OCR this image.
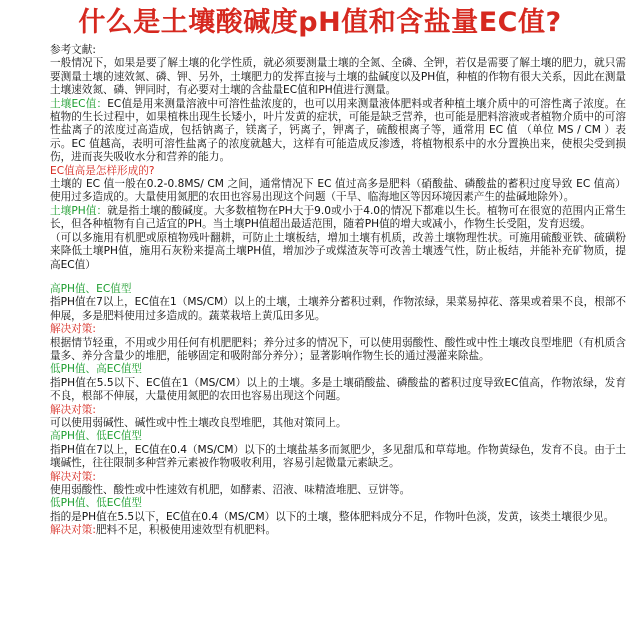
什么是土壤酸碱度pH值和含盐量EC值?

参考文献:

一般情况下，如果是要了解土壤的化学性质，就必须要测量土壤的全氮、全磷、全钾，若仅是需要了解土壤的肥力，就只需要测量土壤的速效氮、磷、钾、另外，土壤肥力的发挥直接与土壤的盐碱度以及PH值，种植的作物有很大关系，因此在测量土壤速效氮、磷、钾同时，有必要对土壤的含盐量EC值和PH值进行测量。

土壤EC值：EC值是用来测量溶液中可溶性盐浓度的，也可以用来测量液体肥料或者种植土壤介质中的可溶性离子浓度。在植物的生长过程中，如果植株出现生长矮小，叶片发黄的症状，可能是缺乏营养，也可能是肥料溶液或者植物介质中的可溶性盐离子的浓度过高造成，包括钠离子，镁离子，钙离子，钾离子，硫酸根离子等，通常用 EC 值 （单位 MS / CM ）表示。EC 值越高，表明可溶性盐离子的浓度就越大，这样有可能造成反渗透，将植物根系中的水分置换出来，使根尖受到损伤，进而丧失吸收水分和营养的能力。

EC值高是怎样形成的?

土壤的 EC 值一般在0.2-0.8MS/ CM 之间，通常情况下 EC 值过高多是肥料（硝酸盐、磷酸盐的蓄积过度导致 EC 值高）使用过多造成的。大量使用氮肥的农田也容易出现这个问题（干旱、临海地区等因环境因素产生的盐碱地除外）。

土壤PH值：就是指土壤的酸碱度。大多数植物在PH大于9.0或小于4.0的情况下都难以生长。植物可在很宽的范围内正常生长，但各种植物有自己适宜的PH。当土壤PH值超出最适范围，随着PH值的增大或减小，作物生长受阻，发育迟缓。

（可以多施用有机肥或原植物残叶翻耕，可防止土壤板结，增加土壤有机质，改善土壤物理性状。可施用硫酸亚铁、硫磺粉来降低土壤PH值，施用石灰粉来提高土壤PH值，增加沙子或煤渣灰等可改善土壤透气性，防止板结，并能补充矿物质，提高EC值）

高PH值、EC值型

指PH值在7以上，EC值在1（MS/CM）以上的土壤，土壤养分蓄积过剩，作物浓绿，果菜易掉花、落果或着果不良，根部不伸展，多是肥料使用过多造成的。蔬菜栽培上黄瓜田多见。

解决对策:

根据情节轻重，不用或少用任何有机肥肥料；养分过多的情况下，可以使用弱酸性、酸性或中性土壤改良型堆肥（有机质含量多、养分含量少的堆肥，能够固定和吸附部分养分）；显著影响作物生长的通过漫灌来除盐。

低PH值、高EC值型

指PH值在5.5以下、EC值在1（MS/CM）以上的土壤。多是土壤硝酸盐、磷酸盐的蓄积过度导致EC值高，作物浓绿，发育不良，根部不伸展，大量使用氮肥的农田也容易出现这个问题。

解决对策:

可以使用弱碱性、碱性或中性土壤改良型堆肥，其他对策同上。

高PH值、低EC值型

指PH值在7以上，EC值在0.4（MS/CM）以下的土壤盐基多而氮肥少，多见甜瓜和草莓地。作物黄绿色，发育不良。由于土壤碱性，往往限制多种营养元素被作物吸收利用，容易引起微量元素缺乏。

解决对策:

使用弱酸性、酸性或中性速效有机肥，如酵素、沼液、味精渣堆肥、豆饼等。

低PH值、低EC值型

指的是PH值在5.5以下，EC值在0.4（MS/CM）以下的土壤，整体肥料成分不足，作物叶色淡，发黄，该类土壤很少见。

解决对策:肥料不足，积极使用速效型有机肥料。
